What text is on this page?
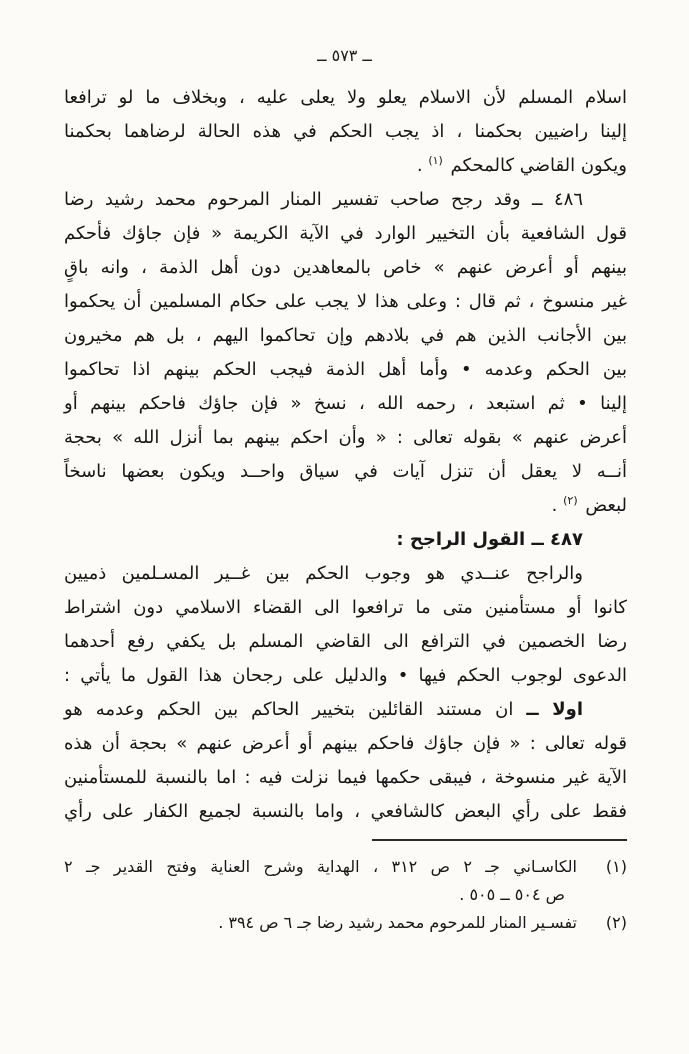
ــ ٥٧٣ ــ
اسلام المسلم لأن الاسلام يعلو ولا يعلى عليه ، وبخلاف ما لو ترافعا
إلينا راضيين بحكمنا ، اذ يجب الحكم في هذه الحالة لرضاهما بحكمنا
ويكون القاضي كالمحكم $^{(١)}$ .
٤٨٦ ــ وقد رجح صاحب تفسير المنار المرحوم محمد رشيد رضا
قول الشافعية بأن التخيير الوارد في الآية الكريمة « فإن جاؤك فأحكم
بينهم أو أعرض عنهم » خاص بالمعاهدين دون أهل الذمة ، وانه باقٍ
غير منسوخ ، ثم قال : وعلى هذا لا يجب على حكام المسلمين أن يحكموا
بين الأجانب الذين هم في بلادهم وإن تحاكموا اليهم ، بل هم مخيرون
بين الحكم وعدمه • وأما أهل الذمة فيجب الحكم بينهم اذا تحاكموا
إلينا • ثم استبعد ، رحمه الله ، نسخ « فإن جاؤك فاحكم بينهم أو
أعرض عنهم » بقوله تعالى : « وأن احكم بينهم بما أنزل الله » بحجة
أنــه لا يعقل أن تنزل آيات في سياق واحــد ويكون بعضها ناسخاً
لبعض $^{(٢)}$ .
٤٨٧ ــ القول الراجح :
والراجح عنــدي هو وجوب الحكم بين غــير المسـلمين ذميين
كانوا أو مستأمنين متى ما ترافعوا الى القضاء الاسلامي دون اشتراط
رضا الخصمين في الترافع الى القاضي المسلم بل يكفي رفع أحدهما
الدعوى لوجوب الحكم فيها • والدليل على رجحان هذا القول ما يأتي :
اولا ــ ان مستند القائلين بتخيير الحاكم بين الحكم وعدمه هو
قوله تعالى : « فإن جاؤك فاحكم بينهم أو أعرض عنهم » بحجة أن هذه
الآية غير منسوخة ، فيبقى حكمها فيما نزلت فيه : اما بالنسبة للمستأمنين
فقط على رأي البعض كالشافعي ، واما بالنسبة لجميع الكفار على رأي
(١)
الكاسـاني جـ ٢ ص ٣١٢ ، الهداية وشرح العناية وفتح القدير جـ ٢
ص ٥٠٤ ــ ٥٠٥ .
(٢)
تفسـير المنار للمرحوم محمد رشيد رضا جـ ٦ ص ٣٩٤ .
